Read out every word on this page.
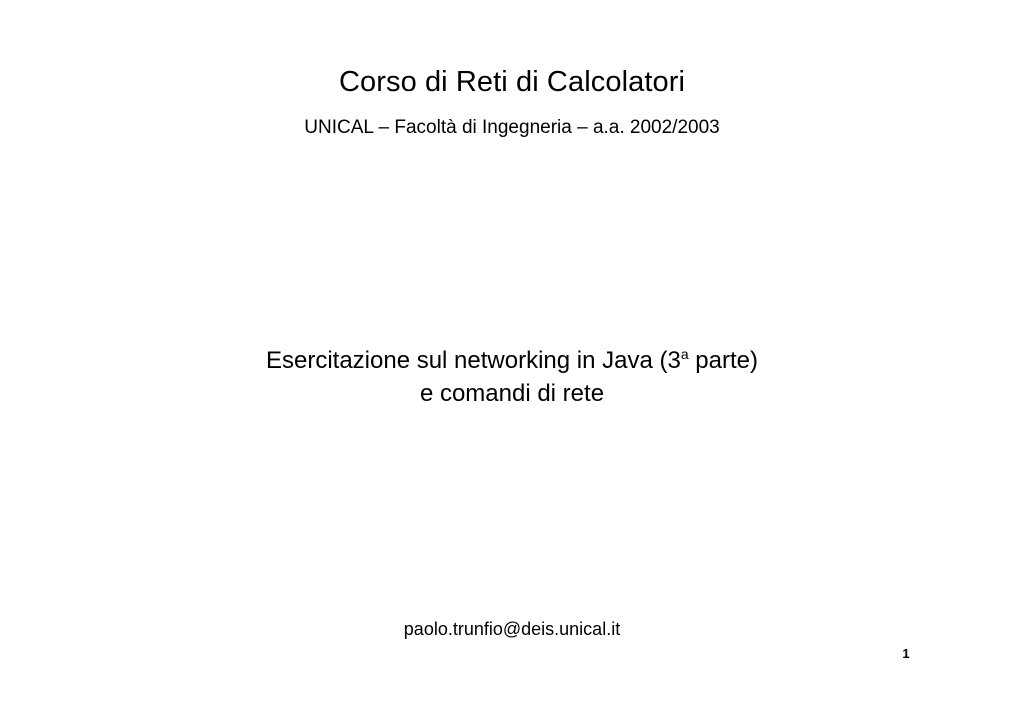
Corso di Reti di Calcolatori
UNICAL – Facoltà di Ingegneria – a.a. 2002/2003
Esercitazione sul networking in Java (3$^a$ parte)
e comandi di rete
paolo.trunfio@deis.unical.it
1
